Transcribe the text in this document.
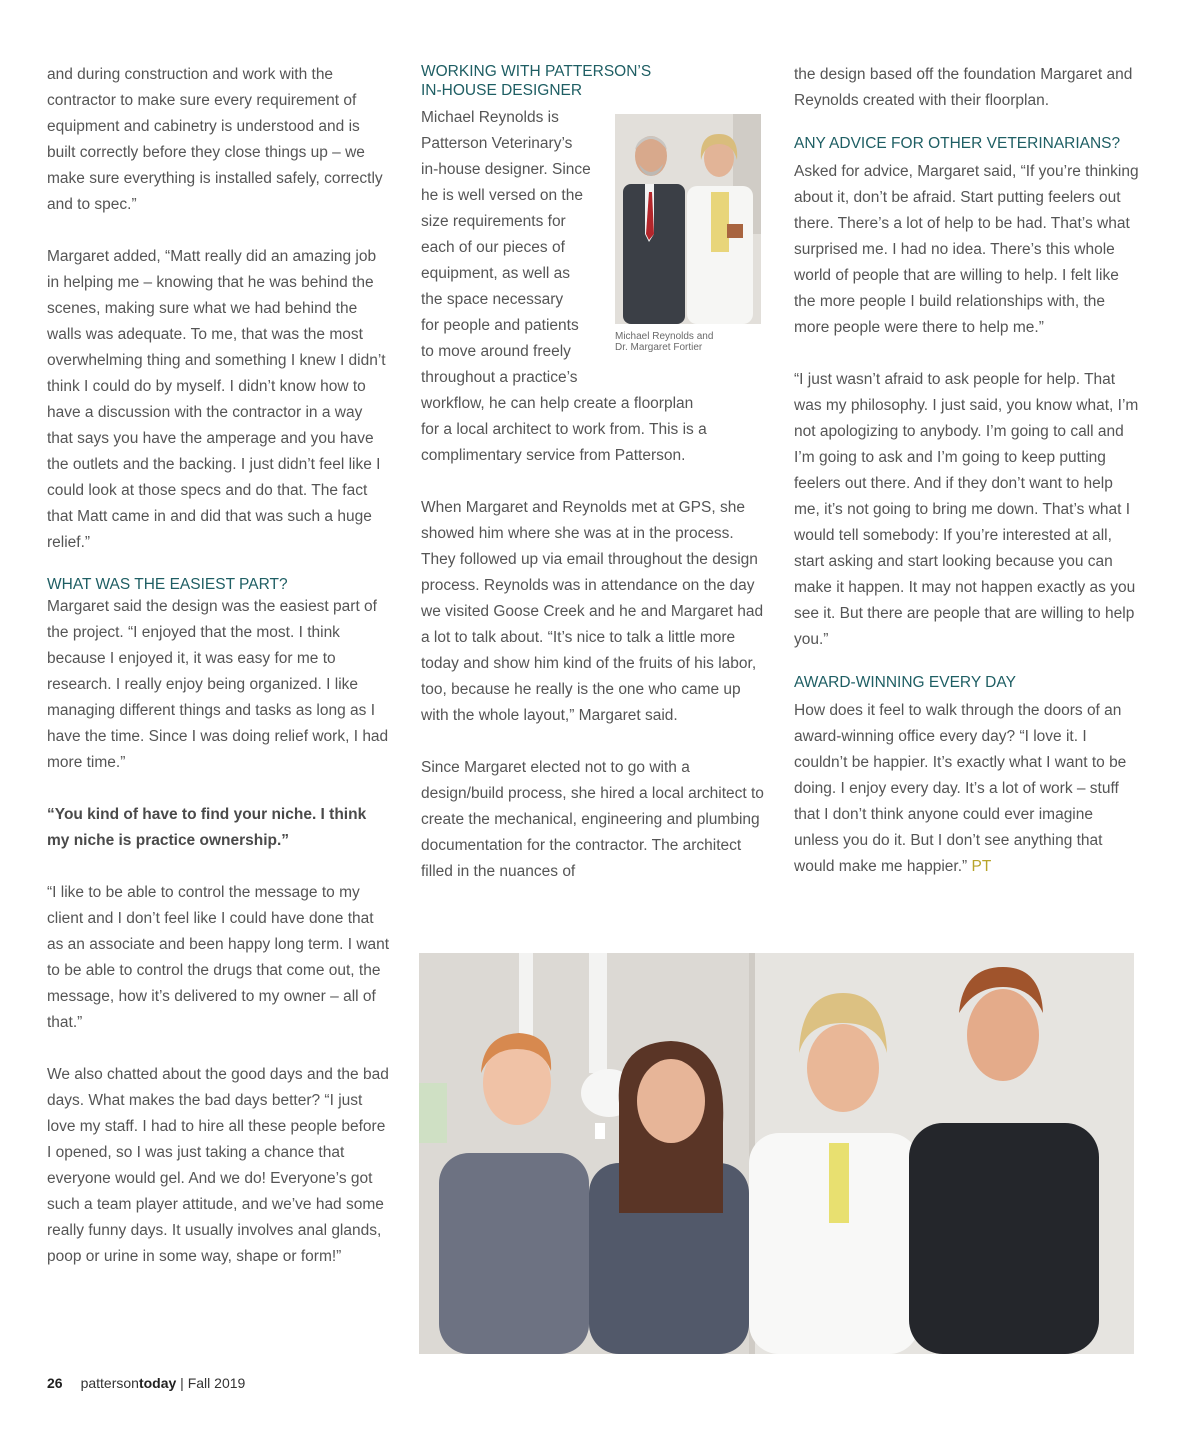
and during construction and work with the contractor to make sure every requirement of equipment and cabinetry is understood and is built correctly before they close things up – we make sure everything is installed safely, correctly and to spec.”

Margaret added, “Matt really did an amazing job in helping me – knowing that he was behind the scenes, making sure what we had behind the walls was adequate. To me, that was the most overwhelming thing and something I knew I didn’t think I could do by myself. I didn’t know how to have a discussion with the contractor in a way that says you have the amperage and you have the outlets and the backing. I just didn’t feel like I could look at those specs and do that. The fact that Matt came in and did that was such a huge relief.”

WHAT WAS THE EASIEST PART?

Margaret said the design was the easiest part of the project. “I enjoyed that the most. I think because I enjoyed it, it was easy for me to research. I really enjoy being organized. I like managing different things and tasks as long as I have the time. Since I was doing relief work, I had more time.”

“You kind of have to find your niche. I think my niche is practice ownership.”

“I like to be able to control the message to my client and I don’t feel like I could have done that as an associate and been happy long term. I want to be able to control the drugs that come out, the message, how it’s delivered to my owner – all of that.”

We also chatted about the good days and the bad days. What makes the bad days better? “I just love my staff. I had to hire all these people before I opened, so I was just taking a chance that everyone would gel. And we do! Everyone’s got such a team player attitude, and we’ve had some really funny days. It usually involves anal glands, poop or urine in some way, shape or form!”

WORKING WITH PATTERSON’S
IN-HOUSE DESIGNER

Michael Reynolds is
Patterson Veterinary’s
in-house designer. Since
he is well versed on the
size requirements for
each of our pieces of
equipment, as well as
the space necessary
for people and patients
to move around freely
throughout a practice’s
workflow, he can help create a floorplan
for a local architect to work from. This is a
complimentary service from Patterson.

When Margaret and Reynolds met at GPS, she showed him where she was at in the process. They followed up via email throughout the design process. Reynolds was in attendance on the day we visited Goose Creek and he and Margaret had a lot to talk about. “It’s nice to talk a little more today and show him kind of the fruits of his labor, too, because he really is the one who came up with the whole layout,” Margaret said.

Since Margaret elected not to go with a design/build process, she hired a local architect to create the mechanical, engineering and plumbing documentation for the contractor. The architect filled in the nuances of

Michael Reynolds and
Dr. Margaret Fortier

the design based off the foundation Margaret and Reynolds created with their floorplan.

ANY ADVICE FOR OTHER VETERINARIANS?

Asked for advice, Margaret said, “If you’re thinking about it, don’t be afraid. Start putting feelers out there. There’s a lot of help to be had. That’s what surprised me. I had no idea. There’s this whole world of people that are willing to help. I felt like the more people I build relationships with, the more people were there to help me.”

“I just wasn’t afraid to ask people for help. That was my philosophy. I just said, you know what, I’m not apologizing to anybody. I’m going to call and I’m going to ask and I’m going to keep putting feelers out there. And if they don’t want to help me, it’s not going to bring me down. That’s what I would tell somebody: If you’re interested at all, start asking and start looking because you can make it happen. It may not happen exactly as you see it. But there are people that are willing to help you.”

AWARD-WINNING EVERY DAY

How does it feel to walk through the doors of an award-winning office every day? “I love it. I couldn’t be happier. It’s exactly what I want to be doing. I enjoy every day. It’s a lot of work – stuff that I don’t think anyone could ever imagine unless you do it. But I don’t see anything that would make me happier.” PT

26 pattersontoday | Fall 2019
